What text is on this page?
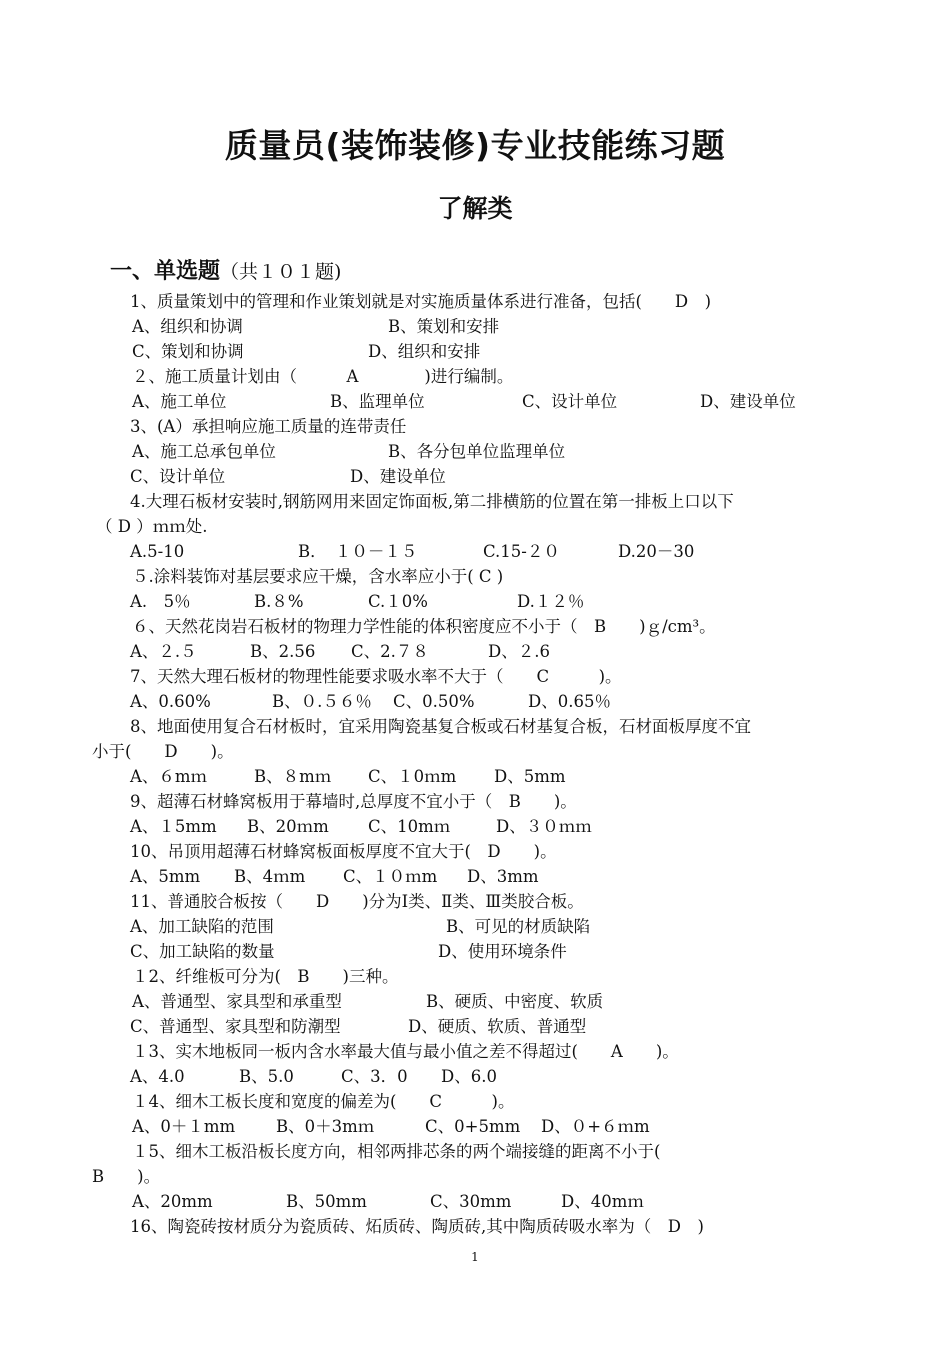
质量员(装饰装修)专业技能练习题
了解类
一、单选题（共１０１题)
1、质量策划中的管理和作业策划就是对实施质量体系进行准备，包括(　　D　)
A、组织和协调	B、策划和安排
C、策划和协调	D、组织和安排
２、施工质量计划由（　　　A　　　　)进行编制。
A、施工单位	B、监理单位	C、设计单位	D、建设单位
3、(A）承担响应施工质量的连带责任
A、施工总承包单位	B、各分包单位监理单位
C、设计单位	D、建设单位
4.大理石板材安装时,钢筋网用来固定饰面板,第二排横筋的位置在第一排板上口以下
（ D ）ｍｍ处.
A.5-10	B．　１０－１５	C.15-２０	D.20－30
５.涂料装饰对基层要求应干燥，含水率应小于( C )
A.　5％	B.８%	C.１0%	D.１２％
６、天然花岗岩石板材的物理力学性能的体积密度应不小于（　B　　)ｇ/cm³。
A、２.５	B、2.56 C、2.７８	D、２.6
7、天然大理石板材的物理性能要求吸水率不大于（　　C　　　)。
A、0.60%	B、０.５６％ C、0.50%	D、0.65％
8、地面使用复合石材板时，宜采用陶瓷基复合板或石材基复合板，石材面板厚度不宜
小于(　　D　　)。
A、６mｍ	B、８mｍ C、１0ｍm D、5mm
9、超薄石材蜂窝板用于幕墙时,总厚度不宜小于（　B　　)。
A、１5mm B、20ｍm C、10mｍ	D、３０ｍｍ
10、吊顶用超薄石材蜂窝板面板厚度不宜大于(　D　　)。
A、5mm B、4ｍm C、１０ｍm D、3mm
11、普通胶合板按（　　D　　)分为Ⅰ类、Ⅱ类、Ⅲ类胶合板。
A、加工缺陷的范围	B、可见的材质缺陷
C、加工缺陷的数量	D、使用环境条件
１2、纤维板可分为(　B　　)三种。
A、普通型、家具型和承重型	B、硬质、中密度、软质
C、普通型、家具型和防潮型	D、硬质、软质、普通型
１3、实木地板同一板内含水率最大值与最小值之差不得超过(　　A　　)。
A、4.0	B、5.0	C、3．0 D、6.0
１4、细木工板长度和宽度的偏差为(　　C　　　)。
A、0＋１mm B、0＋3mｍ	C、0+5mm D、０+６ｍm
１5、细木工板沿板长度方向，相邻两排芯条的两个端接缝的距离不小于(
B　　)。
A、20mm	B、50mm	C、30mm	D、40mｍ
16、陶瓷砖按材质分为瓷质砖、炻质砖、陶质砖,其中陶质砖吸水率为（　D　)
1
